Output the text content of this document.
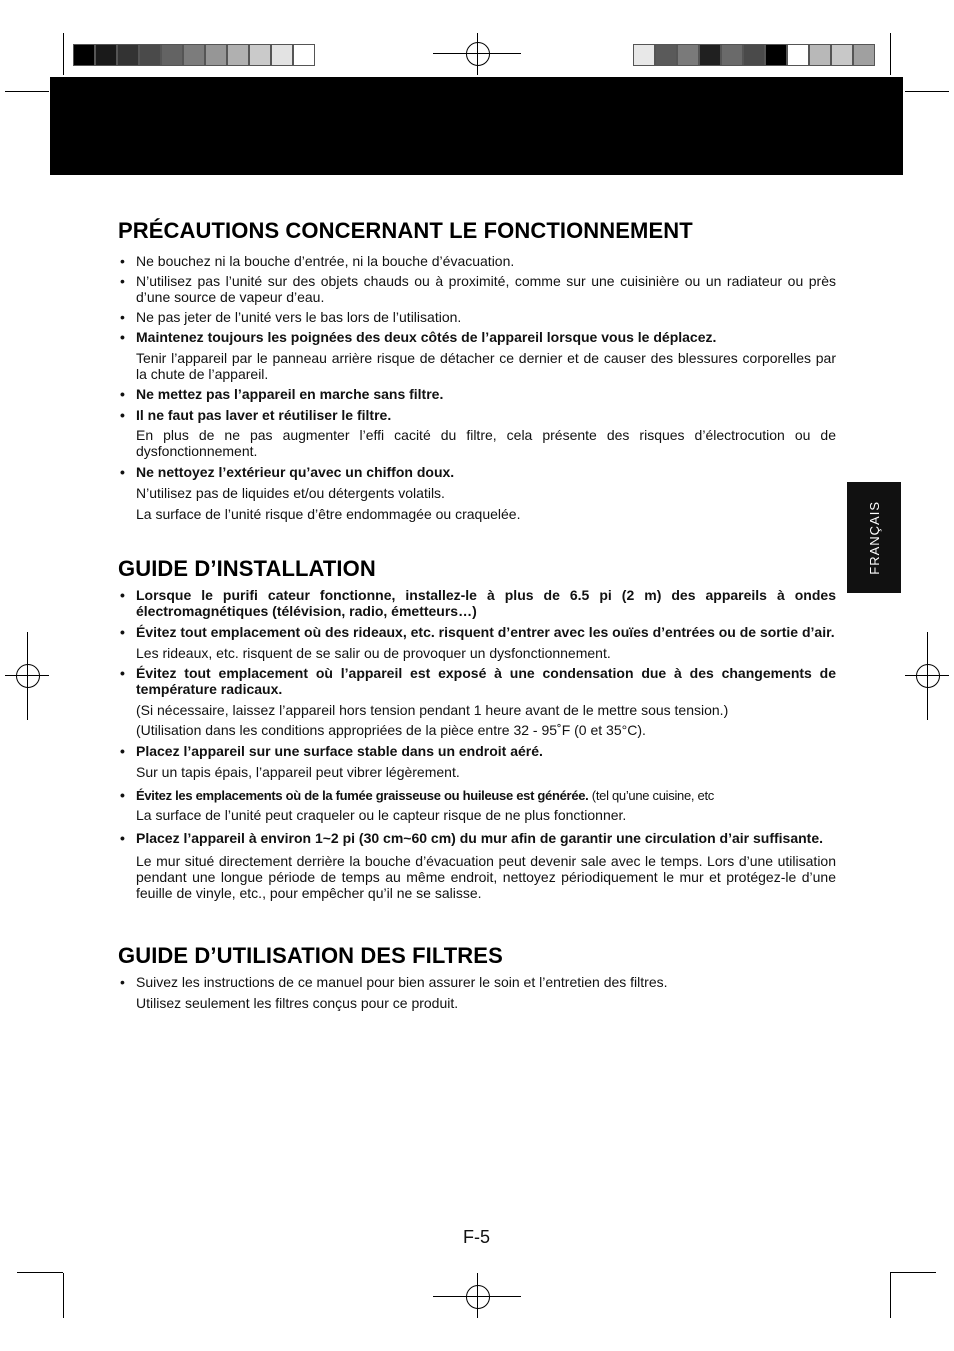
FRANÇAIS
PRÉCAUTIONS CONCERNANT LE FONCTIONNEMENT
• Ne bouchez ni la bouche d’entrée, ni la bouche d’évacuation.
• N’utilisez pas l’unité sur des objets chauds ou à proximité, comme sur une cuisinière ou un radiateur ou près d’une source de vapeur d’eau.
• Ne pas jeter de l’unité vers le bas lors de l’utilisation.
• Maintenez toujours les poignées des deux côtés de l’appareil lorsque vous le déplacez.
Tenir l’appareil par le panneau arrière risque de détacher ce dernier et de causer des blessures corporelles par la chute de l’appareil.
• Ne mettez pas l’appareil en marche sans filtre.
• Il ne faut pas laver et réutiliser le filtre.
En plus de ne pas augmenter l’effi cacité du filtre, cela présente des risques d’électrocution ou de dysfonctionnement.
• Ne nettoyez l’extérieur qu’avec un chiffon doux.
N’utilisez pas de liquides et/ou détergents volatils.
La surface de l’unité risque d’être endommagée ou craquelée.
GUIDE D’INSTALLATION
• Lorsque le purifi cateur fonctionne, installez-le à plus de 6.5 pi (2 m) des appareils à ondes électromagnétiques (télévision, radio, émetteurs…)
• Évitez tout emplacement où des rideaux, etc. risquent d’entrer avec les ouïes d’entrées ou de sortie d’air.
Les rideaux, etc. risquent de se salir ou de provoquer un dysfonctionnement.
• Évitez tout emplacement où l’appareil est exposé à une condensation due à des changements de température radicaux.
(Si nécessaire, laissez l’appareil hors tension pendant 1 heure avant de le mettre sous tension.)
(Utilisation dans les conditions appropriées de la pièce entre 32 - 95˚F (0 et 35°C).
• Placez l’appareil sur une surface stable dans un endroit aéré.
Sur un tapis épais, l’appareil peut vibrer légèrement.
• Évitez les emplacements où de la fumée graisseuse ou huileuse est générée. (tel qu’une cuisine, etc
La surface de l’unité peut craqueler ou le capteur risque de ne plus fonctionner.
• Placez l’appareil à environ 1~2 pi (30 cm~60 cm) du mur afin de garantir une circulation d’air suffisante.
Le mur situé directement derrière la bouche d’évacuation peut devenir sale avec le temps. Lors d’une utilisation pendant une longue période de temps au même endroit, nettoyez périodiquement le mur et protégez-le d’une feuille de vinyle, etc., pour empêcher qu’il ne se salisse.
GUIDE D’UTILISATION DES FILTRES
• Suivez les instructions de ce manuel pour bien assurer le soin et l’entretien des filtres.
Utilisez seulement les filtres conçus pour ce produit.
F-5
